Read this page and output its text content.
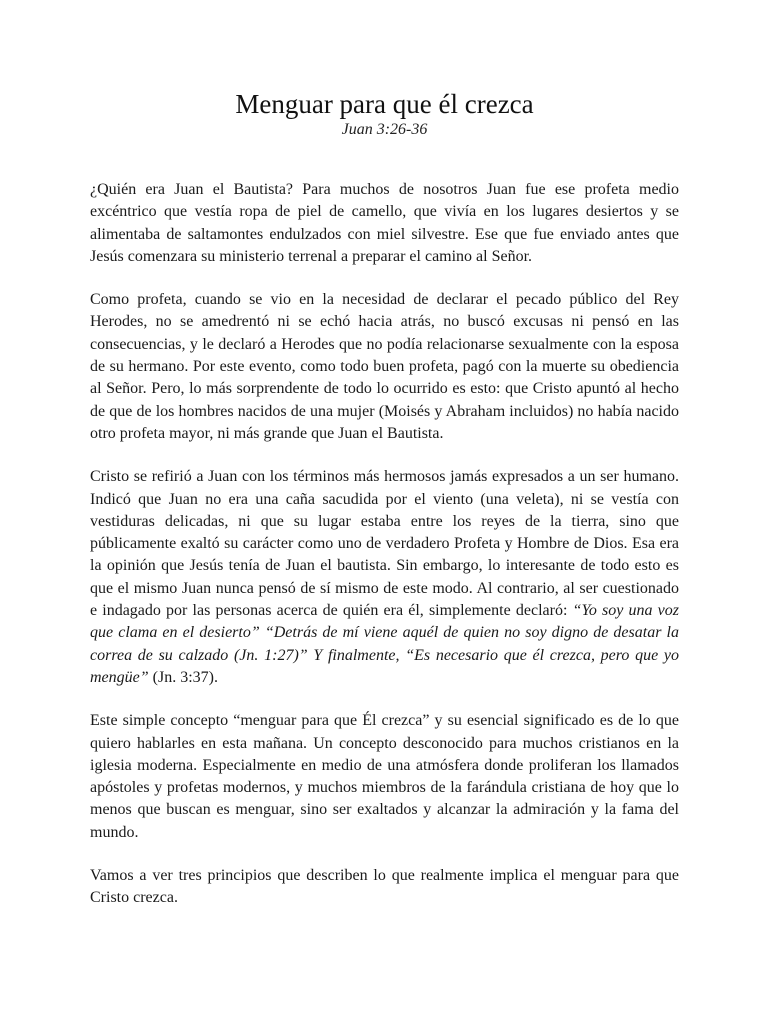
Menguar para que él crezca
Juan 3:26-36

¿Quién era Juan el Bautista? Para muchos de nosotros Juan fue ese profeta medio excéntrico que vestía ropa de piel de camello, que vivía en los lugares desiertos y se alimentaba de saltamontes endulzados con miel silvestre. Ese que fue enviado antes que Jesús comenzara su ministerio terrenal a preparar el camino al Señor.

Como profeta, cuando se vio en la necesidad de declarar el pecado público del Rey Herodes, no se amedrentó ni se echó hacia atrás, no buscó excusas ni pensó en las consecuencias, y le declaró a Herodes que no podía relacionarse sexualmente con la esposa de su hermano. Por este evento, como todo buen profeta, pagó con la muerte su obediencia al Señor. Pero, lo más sorprendente de todo lo ocurrido es esto: que Cristo apuntó al hecho de que de los hombres nacidos de una mujer (Moisés y Abraham incluidos) no había nacido otro profeta mayor, ni más grande que Juan el Bautista.

Cristo se refirió a Juan con los términos más hermosos jamás expresados a un ser humano. Indicó que Juan no era una caña sacudida por el viento (una veleta), ni se vestía con vestiduras delicadas, ni que su lugar estaba entre los reyes de la tierra, sino que públicamente exaltó su carácter como uno de verdadero Profeta y Hombre de Dios. Esa era la opinión que Jesús tenía de Juan el bautista. Sin embargo, lo interesante de todo esto es que el mismo Juan nunca pensó de sí mismo de este modo. Al contrario, al ser cuestionado e indagado por las personas acerca de quién era él, simplemente declaró: “Yo soy una voz que clama en el desierto” “Detrás de mí viene aquél de quien no soy digno de desatar la correa de su calzado (Jn. 1:27)” Y finalmente, “Es necesario que él crezca, pero que yo mengüe” (Jn. 3:37).

Este simple concepto “menguar para que Él crezca” y su esencial significado es de lo que quiero hablarles en esta mañana. Un concepto desconocido para muchos cristianos en la iglesia moderna. Especialmente en medio de una atmósfera donde proliferan los llamados apóstoles y profetas modernos, y muchos miembros de la farándula cristiana de hoy que lo menos que buscan es menguar, sino ser exaltados y alcanzar la admiración y la fama del mundo.

Vamos a ver tres principios que describen lo que realmente implica el menguar para que Cristo crezca.
